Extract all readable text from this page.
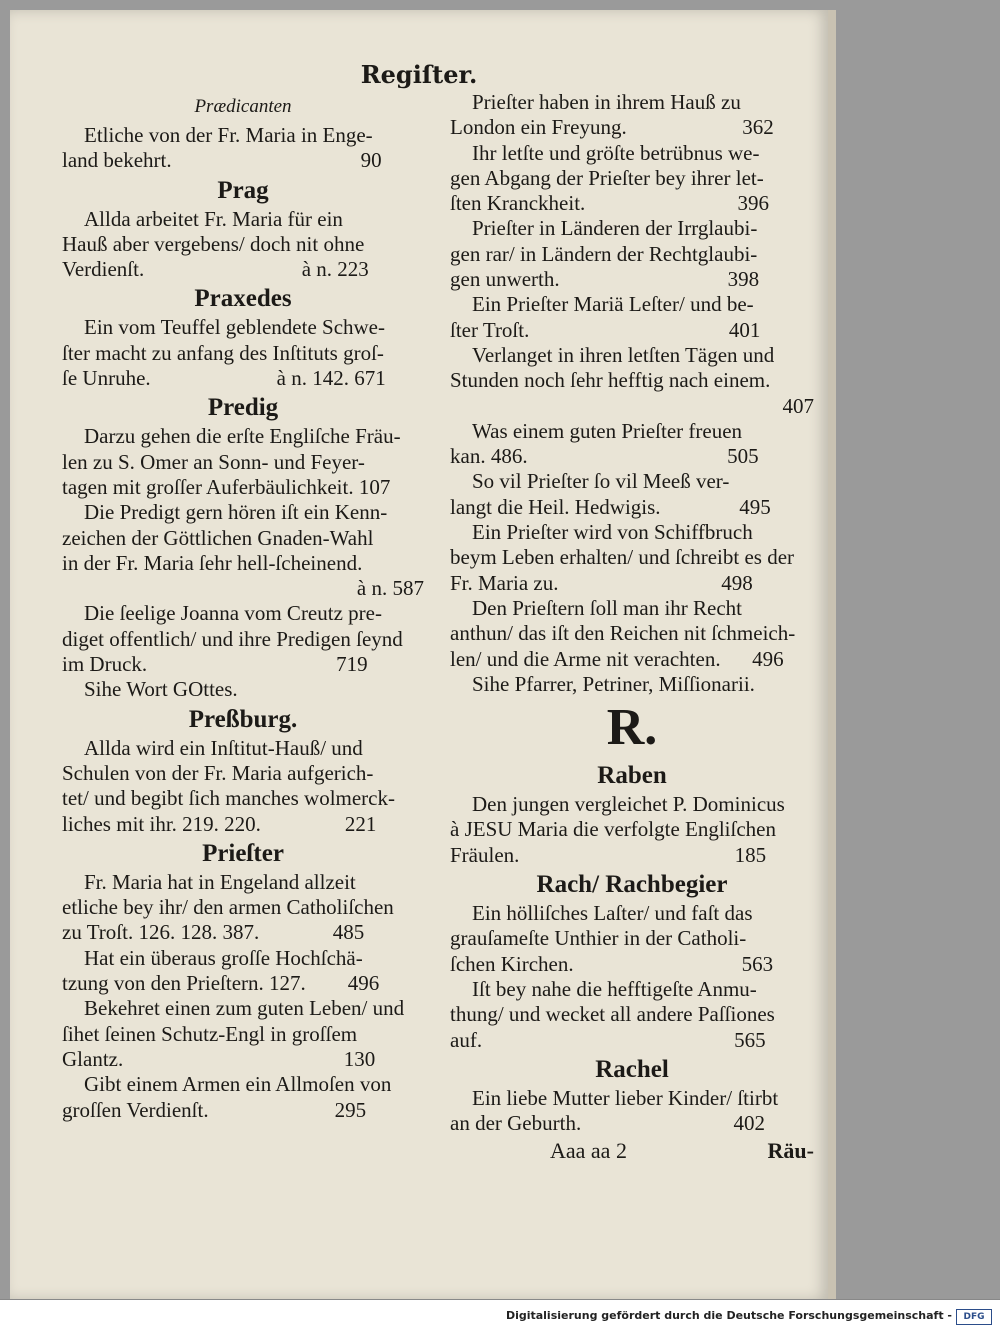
Regiſter.
Prædicanten
Etliche von der Fr. Maria in Enge-
land bekehrt.                                    90
Prag
Allda arbeitet Fr. Maria für ein
Hauß aber vergebens/ doch nit ohne
Verdienſt.                              à n. 223
Praxedes
Ein vom Teuffel geblendete Schwe-
ſter macht zu anfang des Inſtituts groſ-
ſe Unruhe.                        à n. 142. 671
Predig
Darzu gehen die erſte Engliſche Fräu-
len zu S. Omer an Sonn- und Feyer-
tagen mit groſſer Auferbäulichkeit. 107
Die Predigt gern hören iſt ein Kenn-
zeichen der Göttlichen Gnaden-Wahl
in der Fr. Maria ſehr hell-ſcheinend.
à n. 587
Die ſeelige Joanna vom Creutz pre-
diget offentlich/ und ihre Predigen ſeynd
im Druck.                                    719
Sihe Wort GOttes.
Preßburg.
Allda wird ein Inſtitut-Hauß/ und
Schulen von der Fr. Maria aufgerich-
tet/ und begibt ſich manches wolmerck-
liches mit ihr. 219. 220.                221
Prieſter
Fr. Maria hat in Engeland allzeit
etliche bey ihr/ den armen Catholiſchen
zu Troſt. 126. 128. 387.              485
Hat ein überaus groſſe Hochſchä-
tzung von den Prieſtern. 127.        496
Bekehret einen zum guten Leben/ und
ſihet ſeinen Schutz-Engl in groſſem
Glantz.                                          130
Gibt einem Armen ein Allmoſen von
groſſen Verdienſt.                        295
Prieſter haben in ihrem Hauß zu
London ein Freyung.                      362
Ihr letſte und gröſte betrübnus we-
gen Abgang der Prieſter bey ihrer let-
ſten Kranckheit.                             396
Prieſter in Länderen der Irrglaubi-
gen rar/ in Ländern der Rechtglaubi-
gen unwerth.                                398
Ein Prieſter Mariä Leſter/ und be-
ſter Troſt.                                      401
Verlanget in ihren letſten Tägen und
Stunden noch ſehr hefftig nach einem.
407
Was einem guten Prieſter freuen
kan. 486.                                      505
So vil Prieſter ſo vil Meeß ver-
langt die Heil. Hedwigis.               495
Ein Prieſter wird von Schiffbruch
beym Leben erhalten/ und ſchreibt es der
Fr. Maria zu.                               498
Den Prieſtern ſoll man ihr Recht
anthun/ das iſt den Reichen nit ſchmeich-
len/ und die Arme nit verachten.      496
Sihe Pfarrer, Petriner, Miſſionarii.
R.
Raben
Den jungen vergleichet P. Dominicus
à JESU Maria die verfolgte Engliſchen
Fräulen.                                         185
Rach/ Rachbegier
Ein hölliſches Laſter/ und faſt das
grauſameſte Unthier in der Catholi-
ſchen Kirchen.                                563
Iſt bey nahe die hefftigeſte Anmu-
thung/ und wecket all andere Paſſiones
auf.                                                565
Rachel
Ein liebe Mutter lieber Kinder/ ſtirbt
an der Geburth.                             402
Aaa aa 2	Räu-
Digitalisierung gefördert durch die Deutsche Forschungsgemeinschaft -	DFG
